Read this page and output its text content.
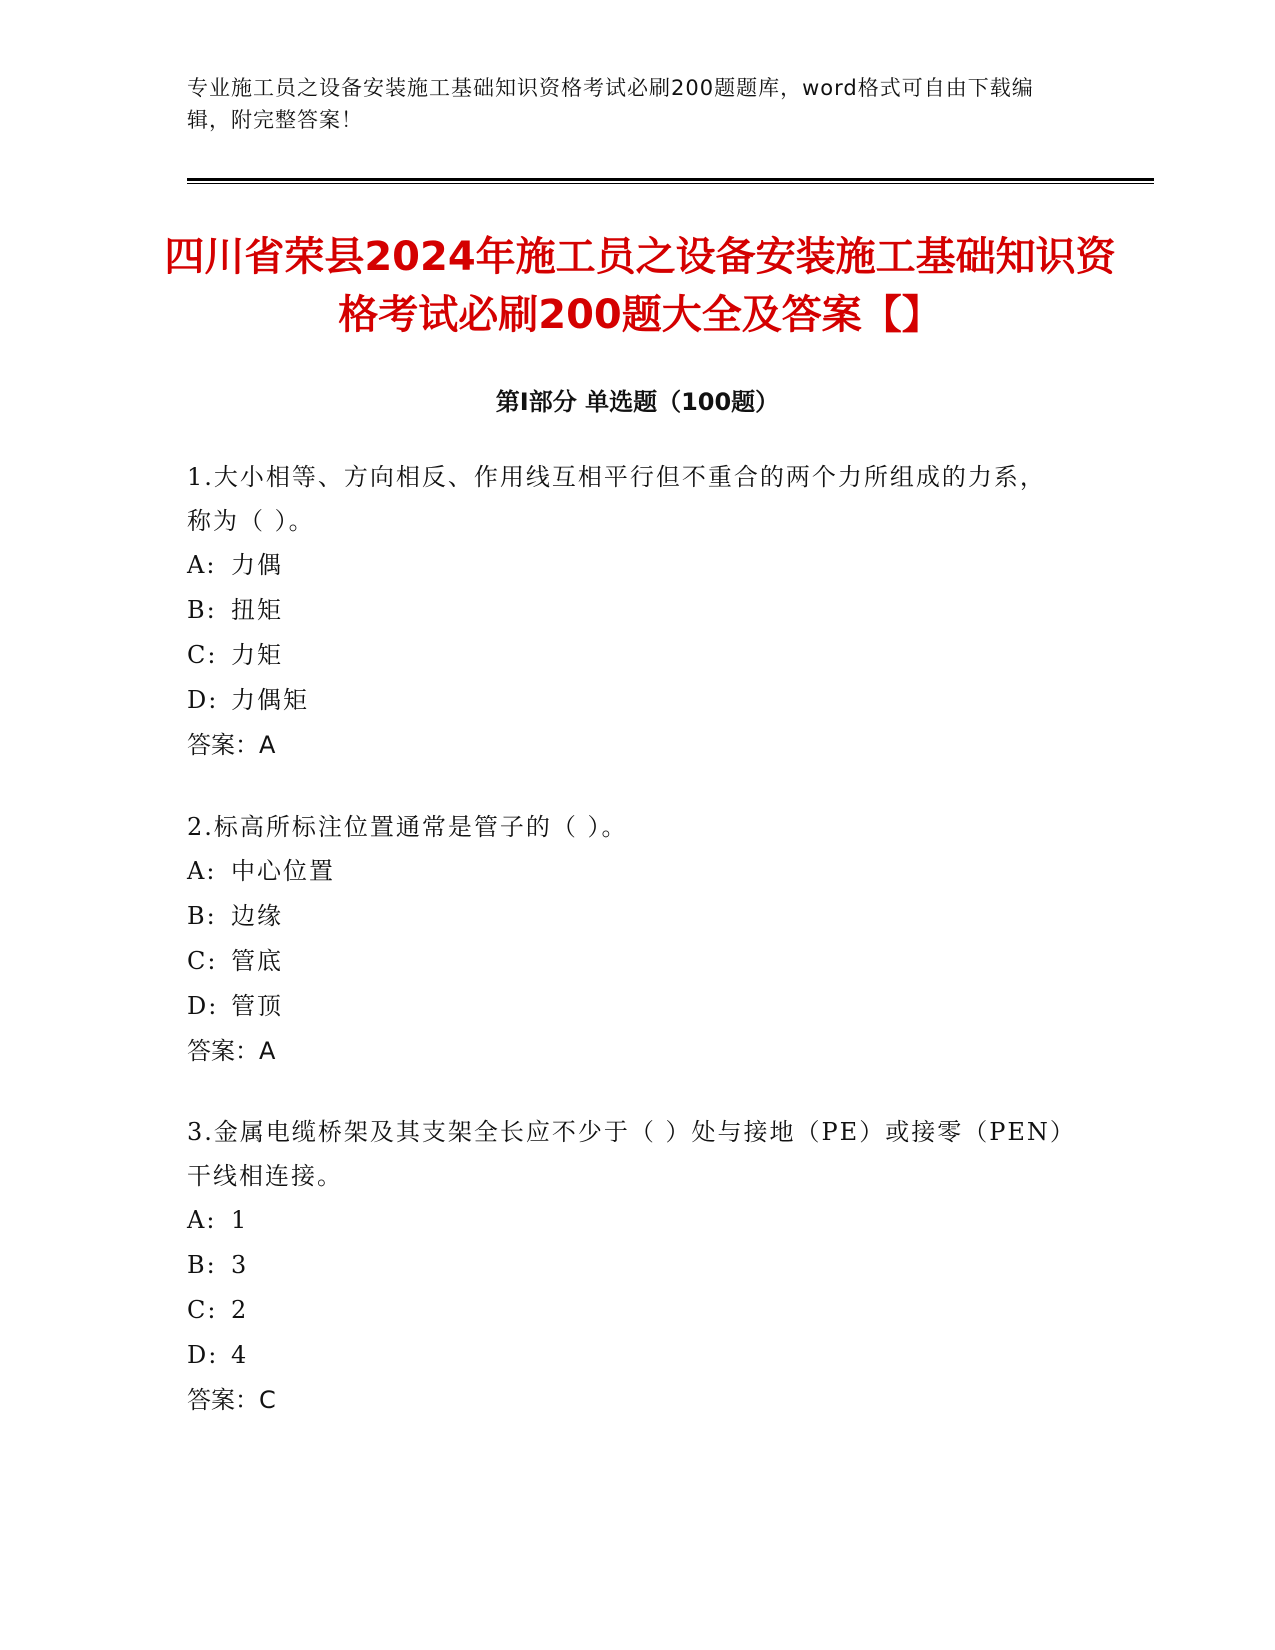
专业施工员之设备安装施工基础知识资格考试必刷200题题库，word格式可自由下载编辑，附完整答案！
四川省荣县2024年施工员之设备安装施工基础知识资格考试必刷200题大全及答案【】
第I部分 单选题（100题）
1.大小相等、方向相反、作用线互相平行但不重合的两个力所组成的力系，称为（ ）。
A: 力偶
B: 扭矩
C: 力矩
D: 力偶矩
答案：A
2.标高所标注位置通常是管子的（ ）。
A: 中心位置
B: 边缘
C: 管底
D: 管顶
答案：A
3.金属电缆桥架及其支架全长应不少于（ ）处与接地（PE）或接零（PEN）干线相连接。
A: 1
B: 3
C: 2
D: 4
答案：C
